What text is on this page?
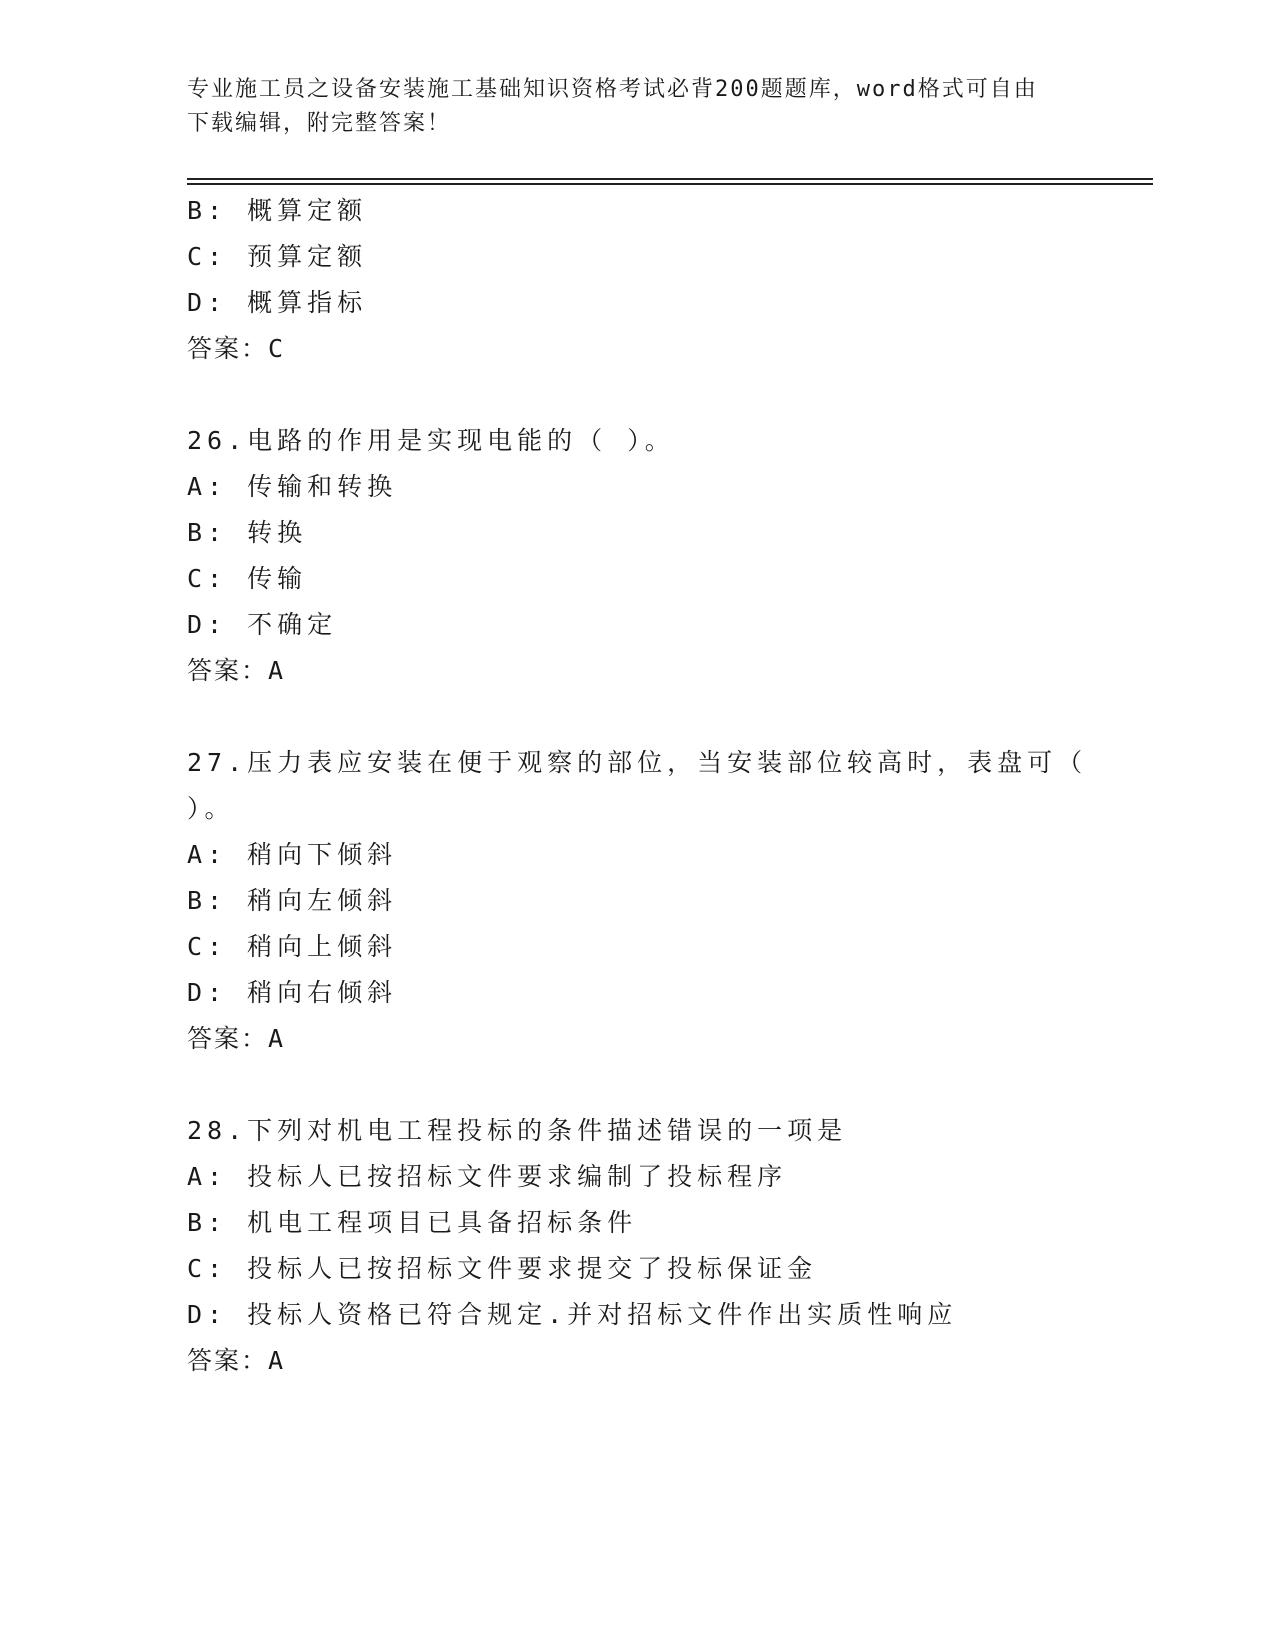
专业施工员之设备安装施工基础知识资格考试必背200题题库，word格式可自由
下载编辑，附完整答案！
B: 概算定额
C: 预算定额
D: 概算指标
答案：C
26.电路的作用是实现电能的（ ）。
A: 传输和转换
B: 转换
C: 传输
D: 不确定
答案：A
27.压力表应安装在便于观察的部位，当安装部位较高时，表盘可（
）。
A: 稍向下倾斜
B: 稍向左倾斜
C: 稍向上倾斜
D: 稍向右倾斜
答案：A
28.下列对机电工程投标的条件描述错误的一项是
A: 投标人已按招标文件要求编制了投标程序
B: 机电工程项目已具备招标条件
C: 投标人已按招标文件要求提交了投标保证金
D: 投标人资格已符合规定.并对招标文件作出实质性响应
答案：A
